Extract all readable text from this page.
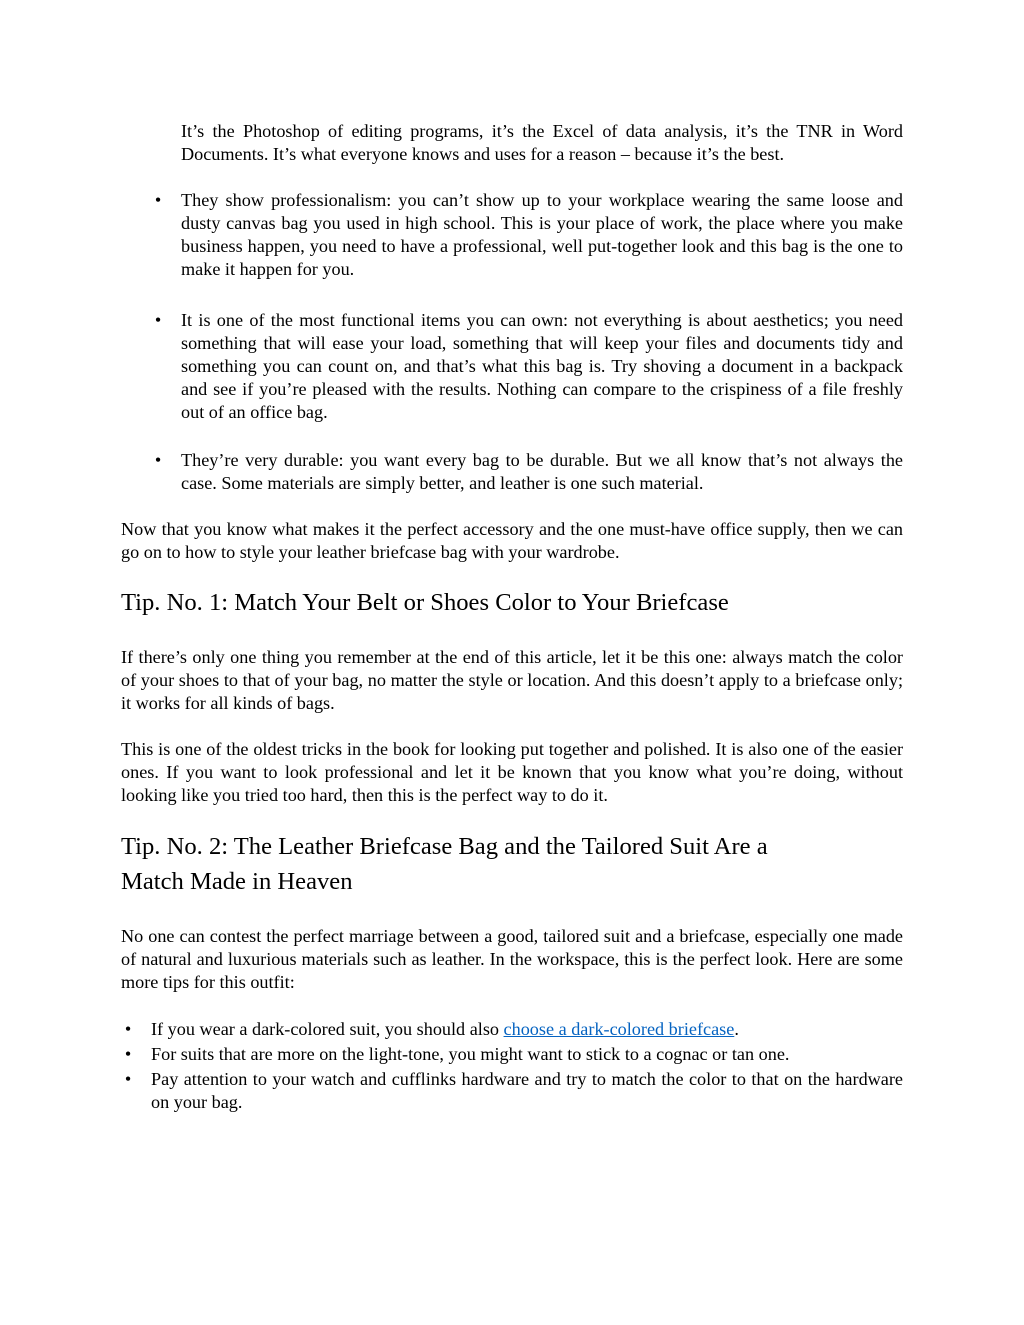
It’s the Photoshop of editing programs, it’s the Excel of data analysis, it’s the TNR in Word Documents. It’s what everyone knows and uses for a reason – because it’s the best.

• They show professionalism: you can’t show up to your workplace wearing the same loose and dusty canvas bag you used in high school. This is your place of work, the place where you make business happen, you need to have a professional, well put-together look and this bag is the one to make it happen for you.

• It is one of the most functional items you can own: not everything is about aesthetics; you need something that will ease your load, something that will keep your files and documents tidy and something you can count on, and that’s what this bag is. Try shoving a document in a backpack and see if you’re pleased with the results. Nothing can compare to the crispiness of a file freshly out of an office bag.

• They’re very durable: you want every bag to be durable. But we all know that’s not always the case. Some materials are simply better, and leather is one such material.

Now that you know what makes it the perfect accessory and the one must-have office supply, then we can go on to how to style your leather briefcase bag with your wardrobe.

Tip. No. 1: Match Your Belt or Shoes Color to Your Briefcase

If there’s only one thing you remember at the end of this article, let it be this one: always match the color of your shoes to that of your bag, no matter the style or location. And this doesn’t apply to a briefcase only; it works for all kinds of bags.

This is one of the oldest tricks in the book for looking put together and polished. It is also one of the easier ones. If you want to look professional and let it be known that you know what you’re doing, without looking like you tried too hard, then this is the perfect way to do it.

Tip. No. 2: The Leather Briefcase Bag and the Tailored Suit Are a
Match Made in Heaven

No one can contest the perfect marriage between a good, tailored suit and a briefcase, especially one made of natural and luxurious materials such as leather. In the workspace, this is the perfect look. Here are some more tips for this outfit:

• If you wear a dark-colored suit, you should also choose a dark-colored briefcase.

• For suits that are more on the light-tone, you might want to stick to a cognac or tan one.

• Pay attention to your watch and cufflinks hardware and try to match the color to that on the hardware on your bag.
